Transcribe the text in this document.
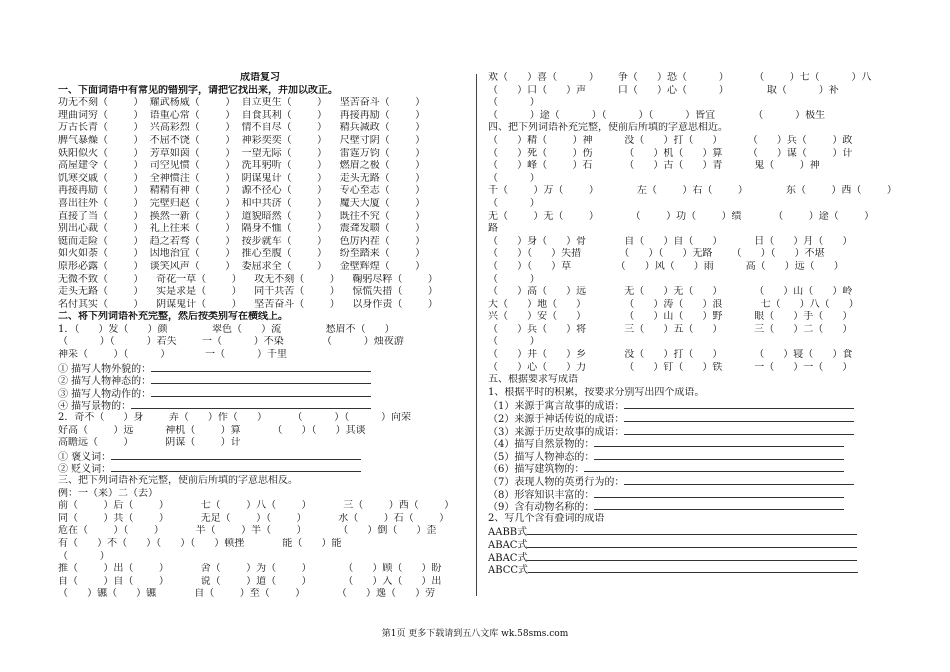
成语复习
一、下面词语中有常见的错别字，请把它找出来，并加以改正。
功无不刻（        ）  耀武杨威（        ）  自立更生（        ）    坚苦奋斗（        ）
理曲词穷（        ）  语重心常（        ）  自食其利（        ）    再接再励（        ）
万古长青（        ）  兴高彩烈（        ）  情不自尽（        ）    精兵减政（        ）
脾气暴燥（        ）  不屈不饶（        ）  神彩奕奕（        ）    尺壁寸阴（        ）
妖阳似火（        ）  芳草如茵（        ）  一望无际（        ）    雷霆万钧（        ）
高屋建令（        ）  司空见惯（        ）  洗耳躬听（        ）    燃眉之极（        ）
饥寒交戚（        ）  全神惯注（        ）  阴谋鬼计（        ）    走头无路（        ）
再接再励（        ）  精精有神（        ）  源不径心（        ）    专心至志（        ）
喜出往外（        ）  完壁归赵（        ）  和中共济（        ）    魔天大厦（        ）
直接了当（        ）  换然一新（        ）  道貌暗然（        ）    既往不究（        ）
别出心裁（        ）  礼上往来（        ）  隔身不恤（        ）    震聋发聩（        ）
铤而走险（        ）  趋之若骛（        ）  按步就车（        ）    色厉内茬（        ）
如火如荼（        ）  因地治宜（        ）  推心至腹（        ）    纷至踏来（        ）
原形必露（        ）  谈笑风声（        ）  委屈求全（        ）    金壁辉煌（        ）
无微不致（        ）    奇花一草（        ）    攻无不刻（        ）    鞠躬尽粹（        ）
走头无路（        ）    实是求是（        ）    同干共苦（        ）    惊慌失措（        ）
名付其实（        ）    阴谋鬼计（        ）    坚苦奋斗（        ）    以身作责（        ）
二、将下列词语补充完整，然后按类别写在横线上。
1．（      ）发（      ）颜              翠色（      ）流              愁眉不（      ）
（          ）（          ）若失        一（          ）不染            （          ）烛夜游
神采（        ）（          ）           一（          ）千里
① 描写人物外貌的：
② 描写人物神态的：
③ 描写人物动作的：
④ 描写景物的：
2．奇不（      ）身        弄（      ）作（      ）        （          ）（          ）向荣
好高（        ）远          神机（        ）算          （      ）（      ）其谈
高瞻远（        ）          阴谋（        ）计
① 褒义词：
② 贬义词：
三、把下列词语补充完整，使前后所填的字意思相反。
例：一（来）二（去）
前（        ）后（        ）          七（        ）八（        ）          三（        ）西（        ）
同（        ）共（        ）          无足（        ）（        ）          水（        ）石（        ）
危在（        ）（        ）          半（        ）半（        ）          （      ）倒（      ）歪
有（      ）不（      ）（      ）（      ）顿挫            能（      ）能
（          ）
推（        ）出（        ）          舍（        ）为（        ）          （      ）顾（      ）盼
自（        ）自（        ）          说（        ）道（        ）          （      ）入（      ）出
（      ）镳（      ）镳            自（        ）至（        ）          （      ）逸（      ）劳
欢（      ）喜（          ）      争（      ）恐（          ）        （        ）七（          ）八
（      ）口（      ）声          口（      ）心（          ）            取（          ）补
（          ）
（          ）途（          ）（          ）（          ）皆宜            （          ）极生
四、把下列词语补充完整，使前后所填的字意思相近。
（      ）精（        ）神          没（      ）打（      ）        （      ）兵（        ）政
（      ）死（        ）伤          （      ）机（      ）算        （      ）谋（        ）计
（      ）峰（        ）石          （      ）古（      ）青          鬼（        ）神
（          ）
千（        ）万（        ）            左（        ）右（        ）            东（        ）西（        ）
（          ）
无（        ）无（        ）          （        ）功（        ）绩          （        ）途（        ）
路
（      ）身（      ）骨            自（      ）自（      ）          日（      ）月（      ）
（      ）（      ）失措            （      ）（      ）无路      （      ）（      ）不堪
（      ）（      ）草              （      ）风（      ）雨          高（      ）远（      ）
（          ）
（      ）高（      ）远            无（      ）无（      ）          （      ）山（      ）岭
大（      ）地（      ）            （      ）涛（      ）浪            七（      ）八（      ）
兴（      ）安（      ）            （      ）山（      ）野          眼（      ）手（      ）
（      ）兵（      ）将            三（      ）五（      ）          三（      ）二（      ）
（          ）
（      ）井（      ）乡            没（      ）打（      ）          （      ）寝（      ）食
（      ）心（      ）力            （      ）钉（      ）铁          一（      ）一（      ）
五、根据要求写成语
1、根据平时的积累，按要求分别写出四个成语。
（1）来源于寓言故事的成语：
（2）来源于神话传说的成语：
（3）来源于历史故事的成语：
（4）描写自然景物的：
（5）描写人物神态的：
（6）描写建筑物的：
（7）表现人物的英勇行为的：
（8）形容知识丰富的：
（9）含有动物名称的：
2、写几个含有叠词的成语
AABB式
ABAC式
ABAC式
ABCC式
第1页 更多下载请到五八文库 wk.58sms.com
